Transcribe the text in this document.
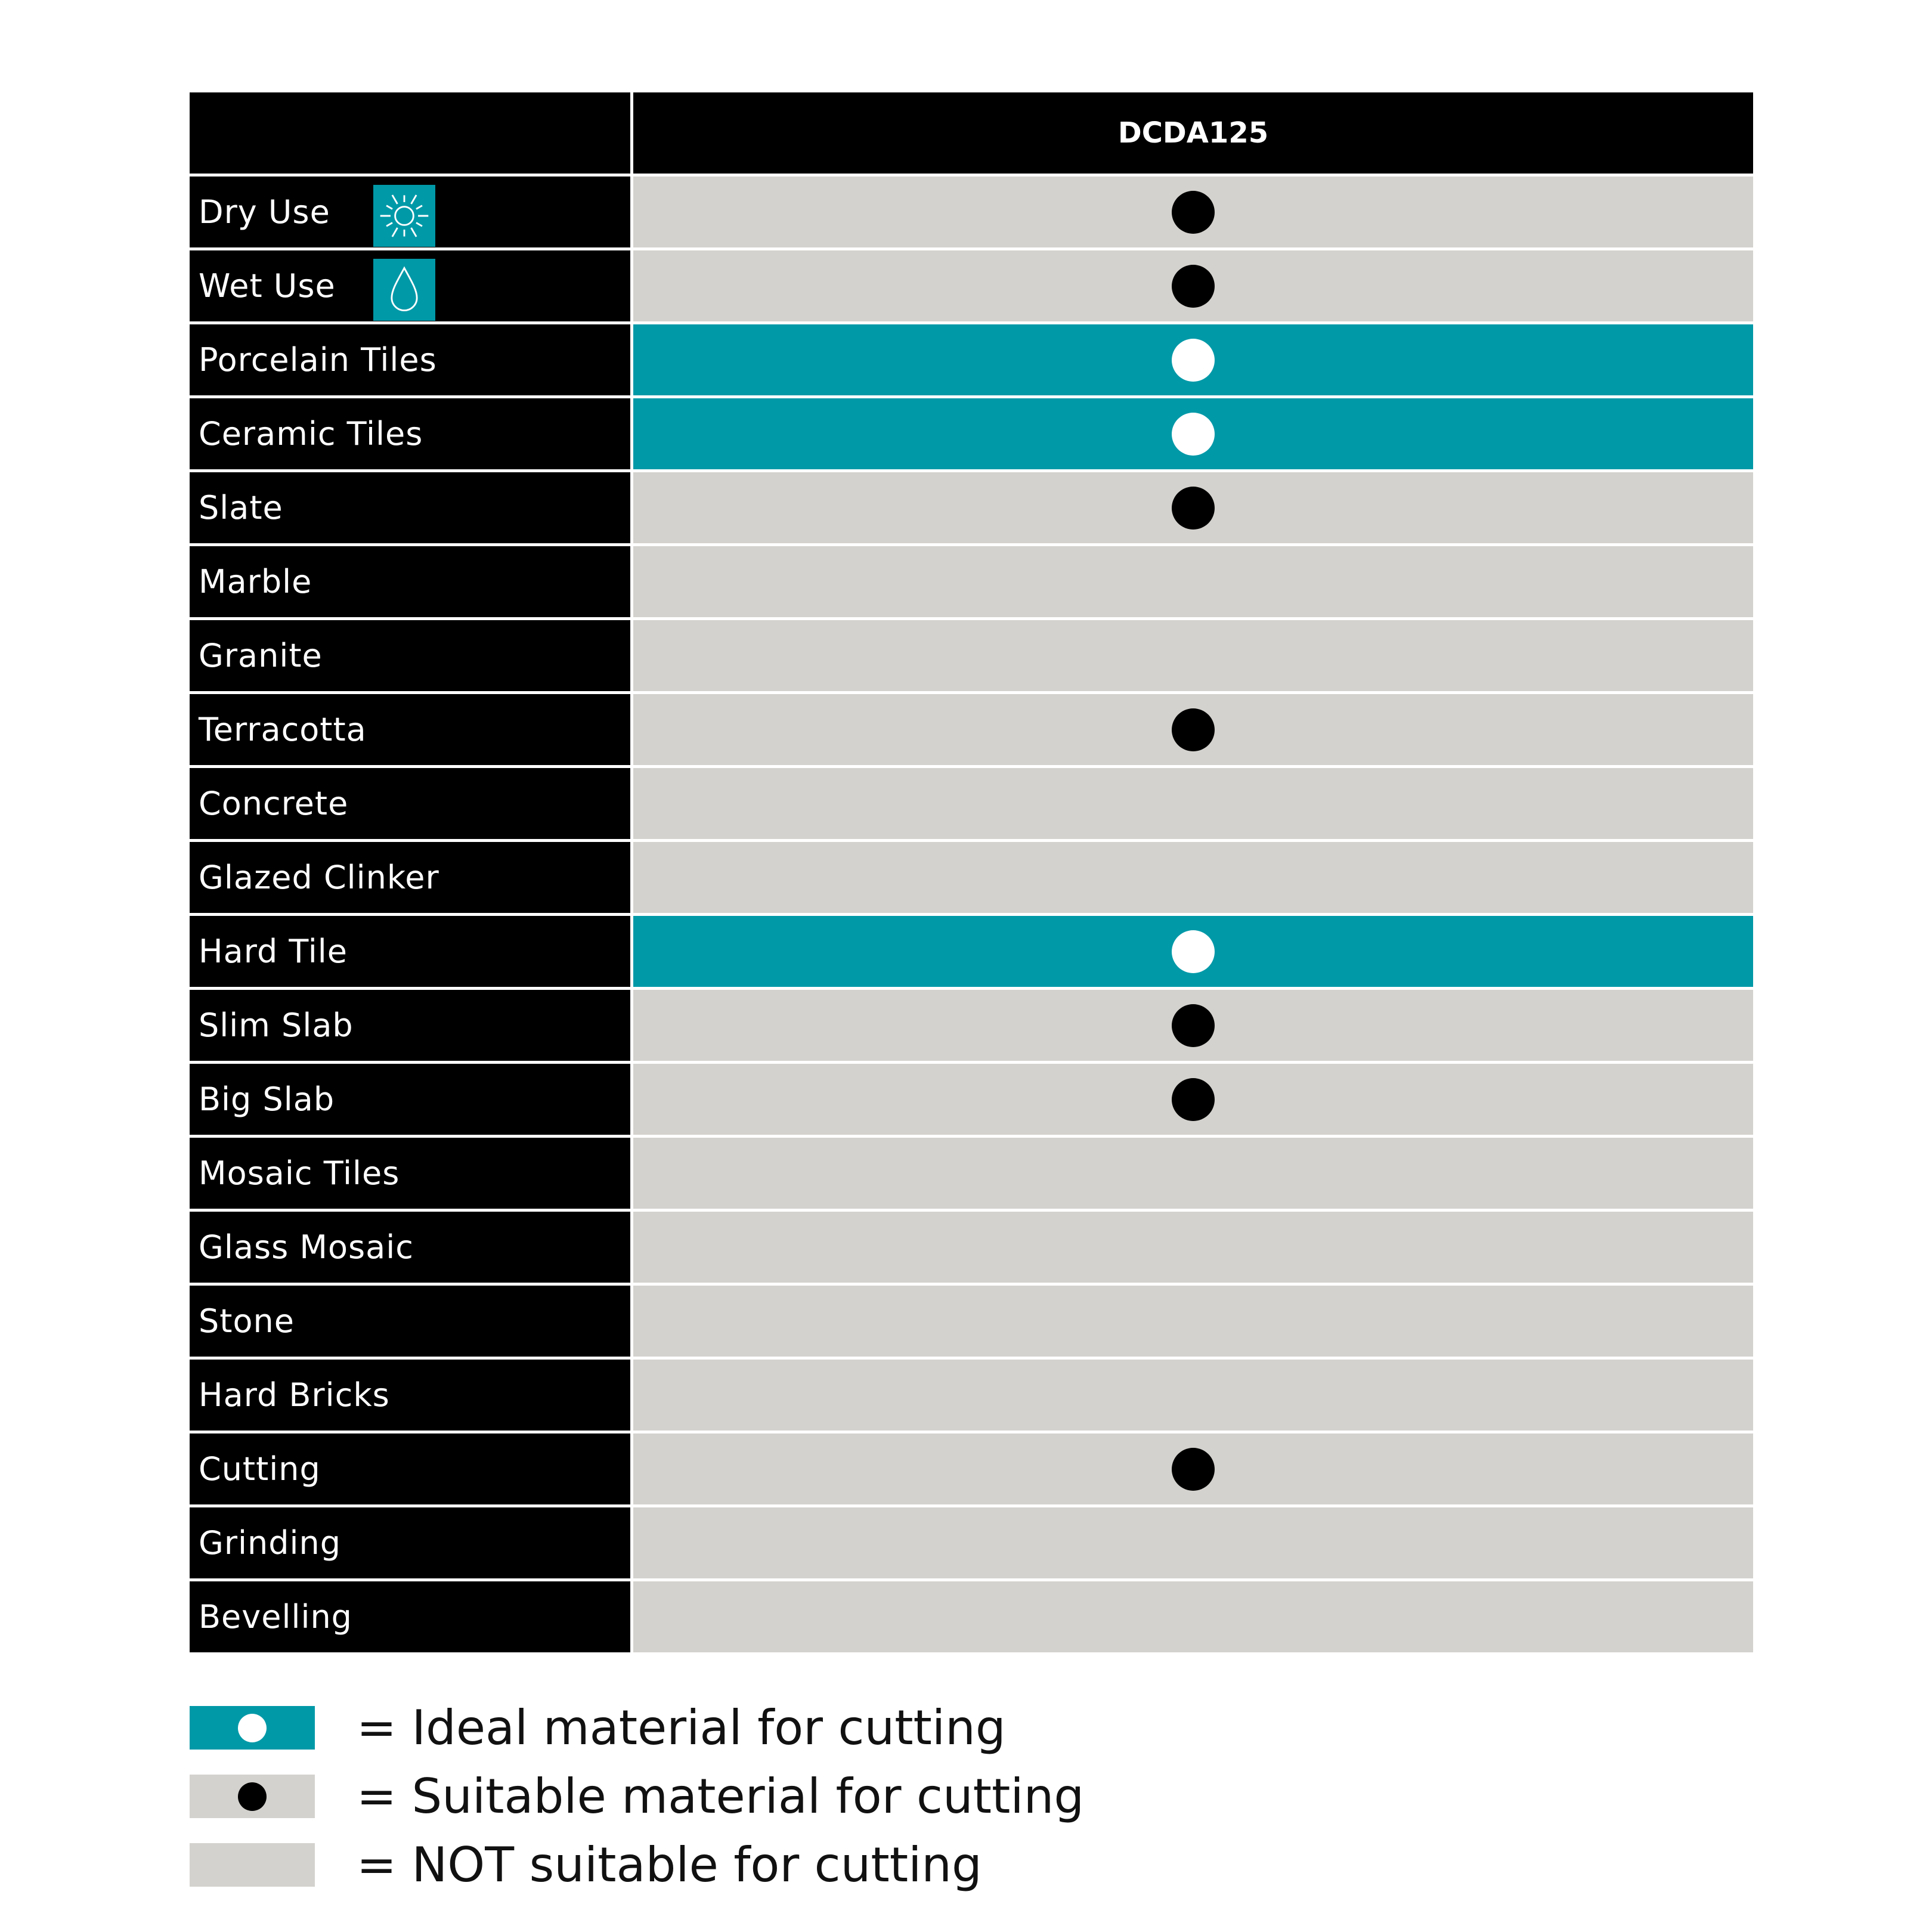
DCDA125
Dry Use
Wet Use
Porcelain Tiles
Ceramic Tiles
Slate
Marble
Granite
Terracotta
Concrete
Glazed Clinker
Hard Tile
Slim Slab
Big Slab
Mosaic Tiles
Glass Mosaic
Stone
Hard Bricks
Cutting
Grinding
Bevelling
= Ideal material for cutting
= Suitable material for cutting
= NOT suitable for cutting
